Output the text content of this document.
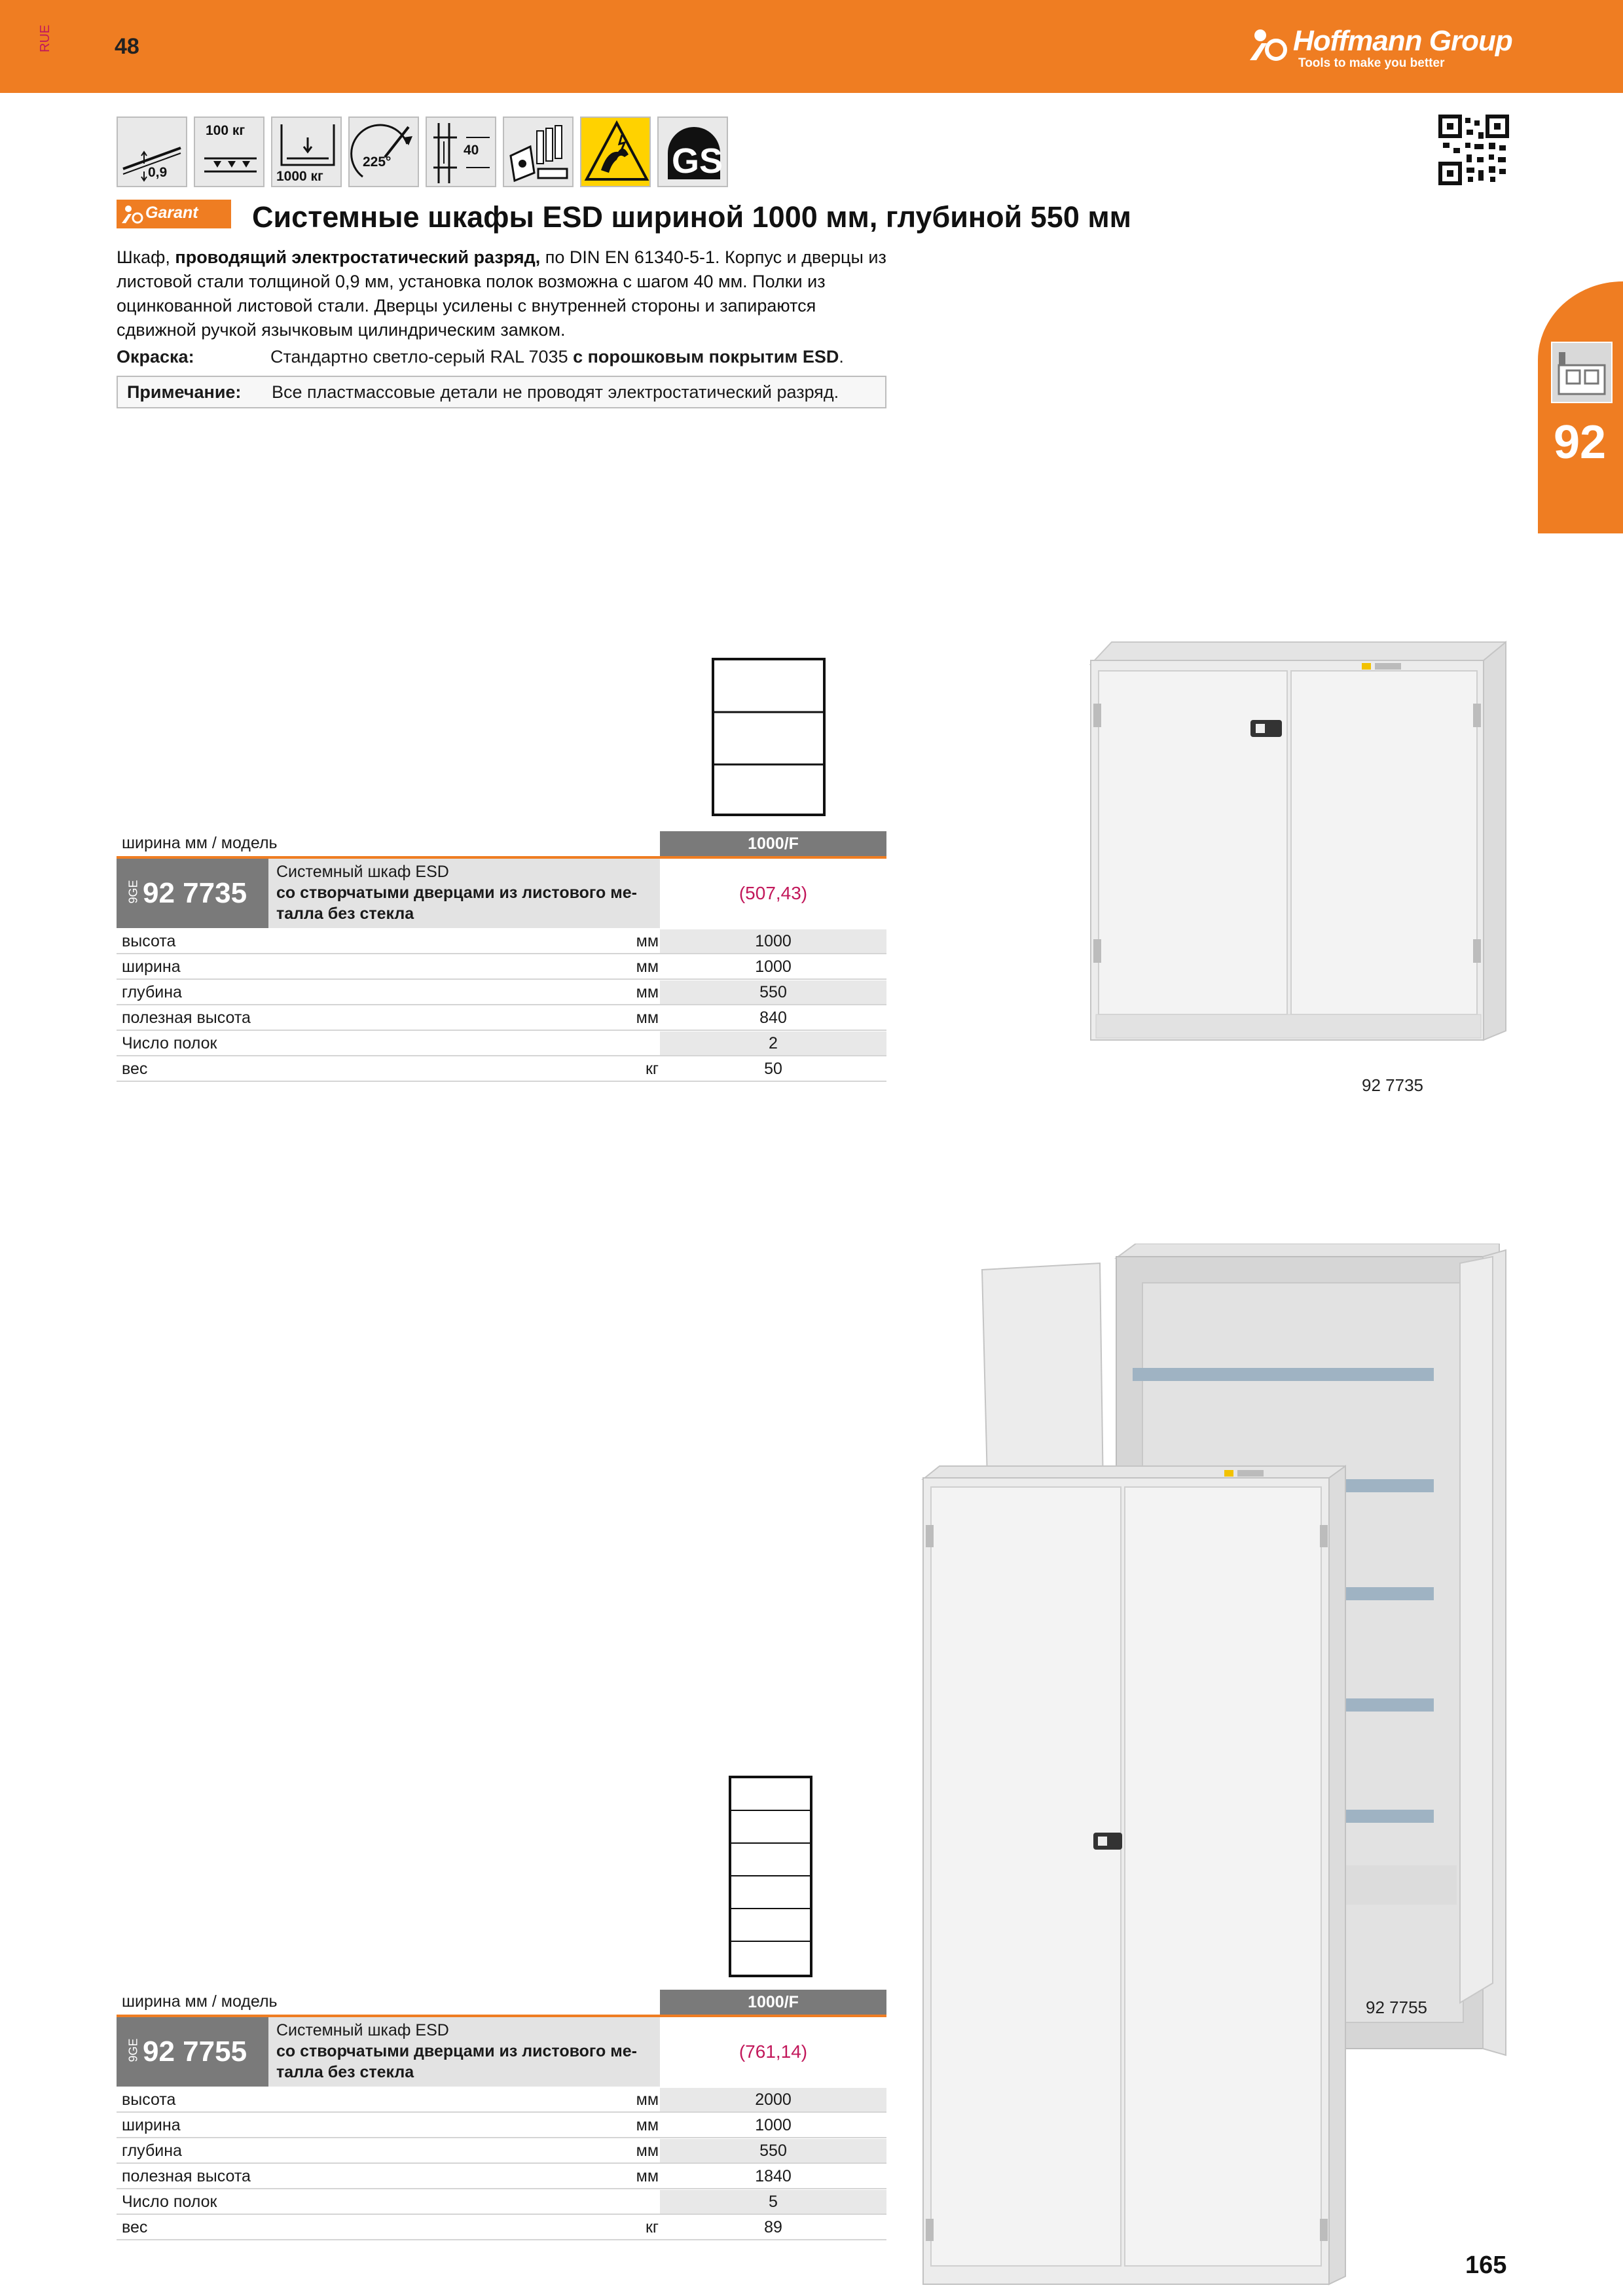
RUE	48	Hoffmann Group
Tools to make you better
0,9
100 кг
1000 кг
225°
40	GS
Garant Системные шкафы ESD шириной 1000 мм, глубиной 550 мм
Шкаф, проводящий электростатический разряд, по DIN EN 61340-5-1. Корпус и дверцы из листовой стали толщиной 0,9 мм, установка полок возможна с шагом 40 мм. Полки из оцинкованной листовой стали. Дверцы усилены с внутренней стороны и запираются сдвижной ручкой язычковым цилиндрическим замком.
Окраска:	Стандартно светло-серый RAL 7035 с порошковым покрытим ESD.
Примечание: Все пластмассовые детали не проводят электростатический разряд.
92
ширина мм / модель	1000/F
9GE 92 7735
Системный шкаф ESD
со створчатыми дверцами из листового ме-
талла без стекла
(507,43)
высота	мм	1000
ширина	мм	1000
глубина	мм	550
полезная высота	мм	840
Число полок	2
вес	кг	50
92 7735
ширина мм / модель	1000/F
9GE 92 7755
Системный шкаф ESD
со створчатыми дверцами из листового ме-
талла без стекла
(761,14)
высота	мм	2000
ширина	мм	1000
глубина	мм	550
полезная высота	мм	1840
Число полок	5
вес	кг	89
92 7755
165
